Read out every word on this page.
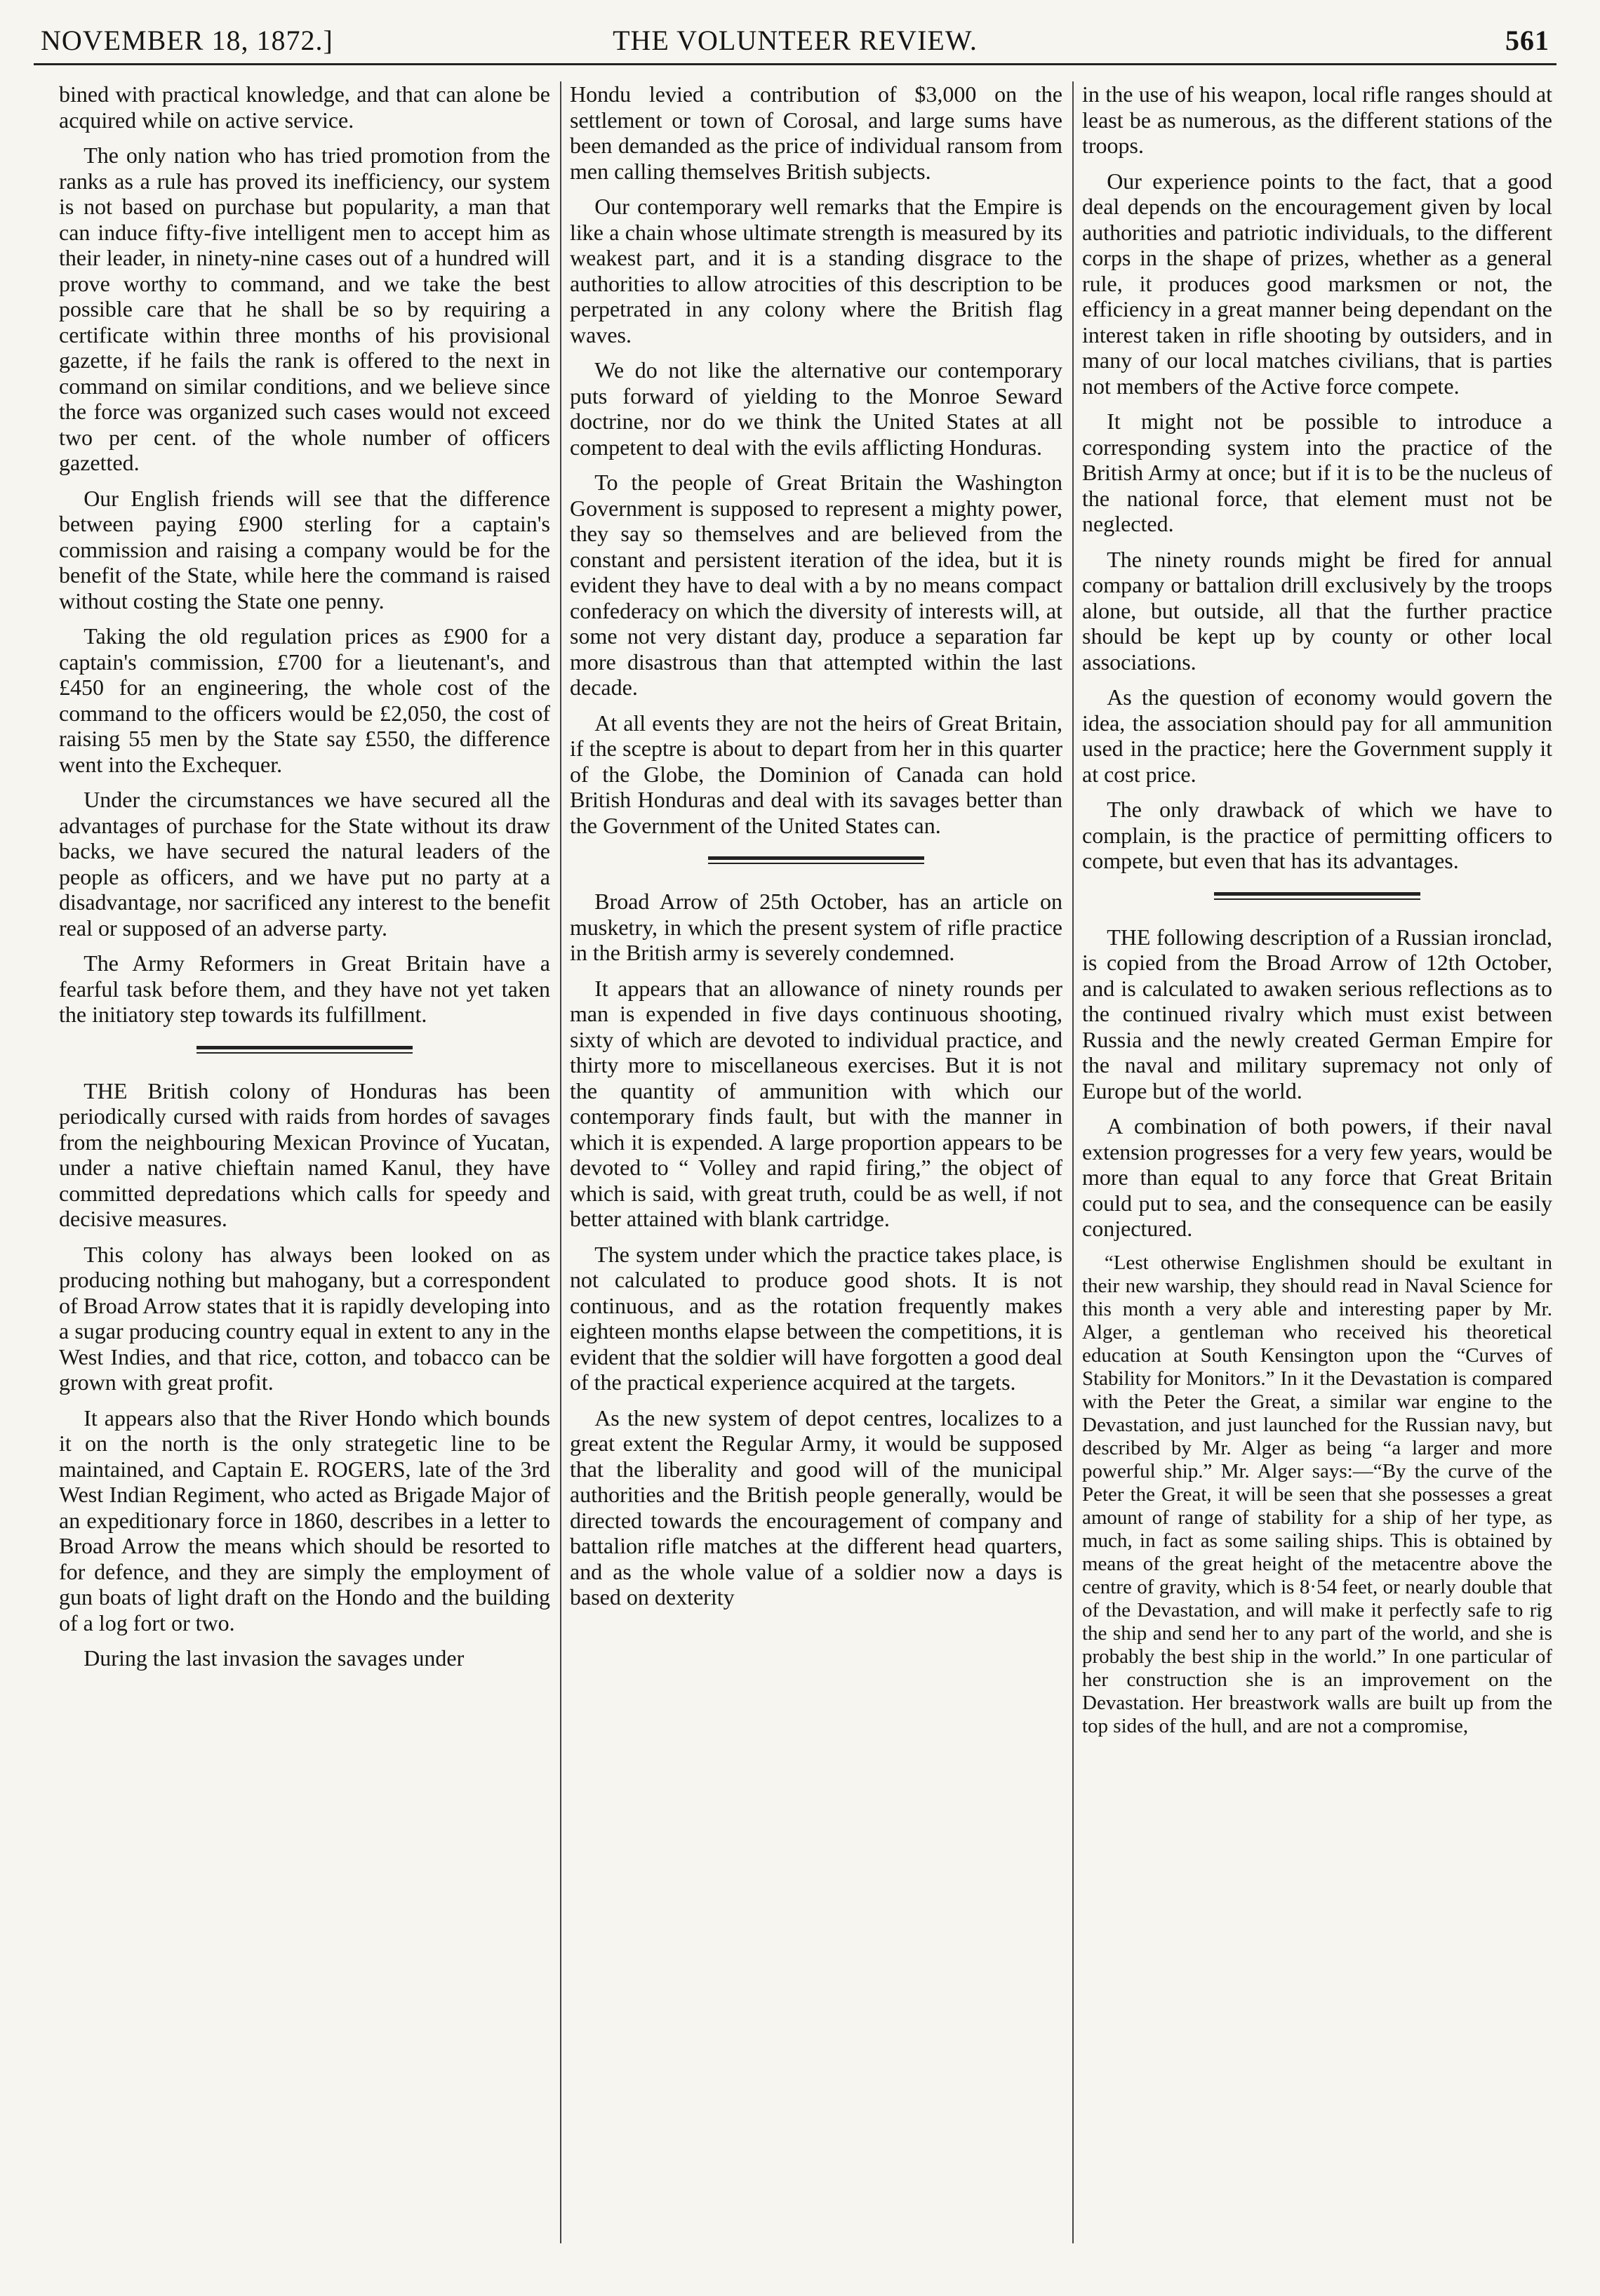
THE VOLUNTEER REVIEW.
NOVEMBER 18, 1872.]	561

bined with practical knowledge, and that can alone be acquired while on active service.

The only nation who has tried promotion from the ranks as a rule has proved its inefficiency, our system is not based on purchase but popularity, a man that can induce fifty-five intelligent men to accept him as their leader, in ninety-nine cases out of a hundred will prove worthy to command, and we take the best possible care that he shall be so by requiring a certificate within three months of his provisional gazette, if he fails the rank is offered to the next in command on similar conditions, and we believe since the force was organized such cases would not exceed two per cent. of the whole number of officers gazetted.

Our English friends will see that the difference between paying £900 sterling for a captain's commission and raising a company would be for the benefit of the State, while here the command is raised without costing the State one penny.

Taking the old regulation prices as £900 for a captain's commission, £700 for a lieutenant's, and £450 for an engineering, the whole cost of the command to the officers would be £2,050, the cost of raising 55 men by the State say £550, the difference went into the Exchequer.

Under the circumstances we have secured all the advantages of purchase for the State without its draw backs, we have secured the natural leaders of the people as officers, and we have put no party at a disadvantage, nor sacrificed any interest to the benefit real or supposed of an adverse party.

The Army Reformers in Great Britain have a fearful task before them, and they have not yet taken the initiatory step towards its fulfillment.

THE British colony of Honduras has been periodically cursed with raids from hordes of savages from the neighbouring Mexican Province of Yucatan, under a native chieftain named Kanul, they have committed depredations which calls for speedy and decisive measures.

This colony has always been looked on as producing nothing but mahogany, but a correspondent of Broad Arrow states that it is rapidly developing into a sugar producing country equal in extent to any in the West Indies, and that rice, cotton, and tobacco can be grown with great profit.

It appears also that the River Hondo which bounds it on the north is the only strategetic line to be maintained, and Captain E. ROGERS, late of the 3rd West Indian Regiment, who acted as Brigade Major of an expeditionary force in 1860, describes in a letter to Broad Arrow the means which should be resorted to for defence, and they are simply the employment of gun boats of light draft on the Hondo and the building of a log fort or two.

During the last invasion the savages under

Hondu levied a contribution of $3,000 on the settlement or town of Corosal, and large sums have been demanded as the price of individual ransom from men calling themselves British subjects.

Our contemporary well remarks that the Empire is like a chain whose ultimate strength is measured by its weakest part, and it is a standing disgrace to the authorities to allow atrocities of this description to be perpetrated in any colony where the British flag waves.

We do not like the alternative our contemporary puts forward of yielding to the Monroe Seward doctrine, nor do we think the United States at all competent to deal with the evils afflicting Honduras.

To the people of Great Britain the Washington Government is supposed to represent a mighty power, they say so themselves and are believed from the constant and persistent iteration of the idea, but it is evident they have to deal with a by no means compact confederacy on which the diversity of interests will, at some not very distant day, produce a separation far more disastrous than that attempted within the last decade.

At all events they are not the heirs of Great Britain, if the sceptre is about to depart from her in this quarter of the Globe, the Dominion of Canada can hold British Honduras and deal with its savages better than the Government of the United States can.

Broad Arrow of 25th October, has an article on musketry, in which the present system of rifle practice in the British army is severely condemned.

It appears that an allowance of ninety rounds per man is expended in five days continuous shooting, sixty of which are devoted to individual practice, and thirty more to miscellaneous exercises. But it is not the quantity of ammunition with which our contemporary finds fault, but with the manner in which it is expended. A large proportion appears to be devoted to “ Volley and rapid firing,” the object of which is said, with great truth, could be as well, if not better attained with blank cartridge.

The system under which the practice takes place, is not calculated to produce good shots. It is not continuous, and as the rotation frequently makes eighteen months elapse between the competitions, it is evident that the soldier will have forgotten a good deal of the practical experience acquired at the targets.

As the new system of depot centres, localizes to a great extent the Regular Army, it would be supposed that the liberality and good will of the municipal authorities and the British people generally, would be directed towards the encouragement of company and battalion rifle matches at the different head quarters, and as the whole value of a soldier now a days is based on dexterity

in the use of his weapon, local rifle ranges should at least be as numerous, as the different stations of the troops.

Our experience points to the fact, that a good deal depends on the encouragement given by local authorities and patriotic individuals, to the different corps in the shape of prizes, whether as a general rule, it produces good marksmen or not, the efficiency in a great manner being dependant on the interest taken in rifle shooting by outsiders, and in many of our local matches civilians, that is parties not members of the Active force compete.

It might not be possible to introduce a corresponding system into the practice of the British Army at once; but if it is to be the nucleus of the national force, that element must not be neglected.

The ninety rounds might be fired for annual company or battalion drill exclusively by the troops alone, but outside, all that the further practice should be kept up by county or other local associations.

As the question of economy would govern the idea, the association should pay for all ammunition used in the practice; here the Government supply it at cost price.

The only drawback of which we have to complain, is the practice of permitting officers to compete, but even that has its advantages.

THE following description of a Russian ironclad, is copied from the Broad Arrow of 12th October, and is calculated to awaken serious reflections as to the continued rivalry which must exist between Russia and the newly created German Empire for the naval and military supremacy not only of Europe but of the world.

A combination of both powers, if their naval extension progresses for a very few years, would be more than equal to any force that Great Britain could put to sea, and the consequence can be easily conjectured.

“Lest otherwise Englishmen should be exultant in their new warship, they should read in Naval Science for this month a very able and interesting paper by Mr. Alger, a gentleman who received his theoretical education at South Kensington upon the “Curves of Stability for Monitors.” In it the Devastation is compared with the Peter the Great, a similar war engine to the Devastation, and just launched for the Russian navy, but described by Mr. Alger as being “a larger and more powerful ship.” Mr. Alger says:—“By the curve of the Peter the Great, it will be seen that she possesses a great amount of range of stability for a ship of her type, as much, in fact as some sailing ships. This is obtained by means of the great height of the metacentre above the centre of gravity, which is 8·54 feet, or nearly double that of the Devastation, and will make it perfectly safe to rig the ship and send her to any part of the world, and she is probably the best ship in the world.” In one particular of her construction she is an improvement on the Devastation. Her breastwork walls are built up from the top sides of the hull, and are not a compromise,
